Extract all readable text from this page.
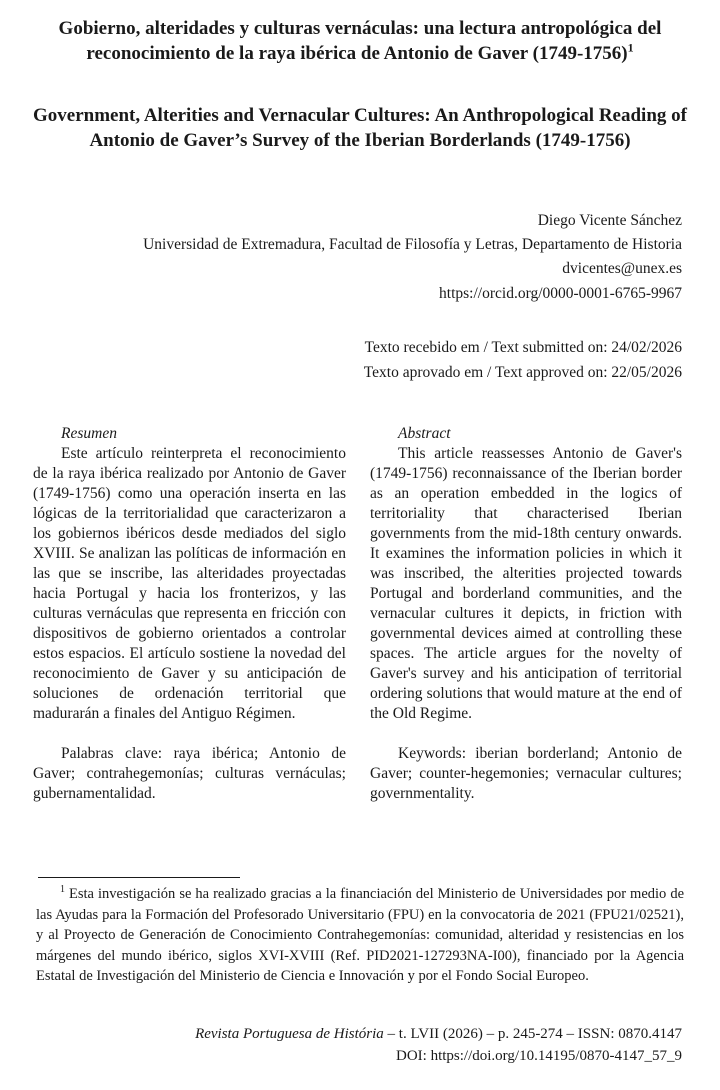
Gobierno, alteridades y culturas vernáculas: una lectura antropológica del reconocimiento de la raya ibérica de Antonio de Gaver (1749-1756)$^1$
Government, Alterities and Vernacular Cultures: An Anthropological Reading of Antonio de Gaver’s Survey of the Iberian Borderlands (1749-1756)
Diego Vicente Sánchez
Universidad de Extremadura, Facultad de Filosofía y Letras, Departamento de Historia
dvicentes@unex.es
https://orcid.org/0000-0001-6765-9967
Texto recebido em / Text submitted on: 24/02/2026
Texto aprovado em / Text approved on: 22/05/2026
Resumen

Este artículo reinterpreta el reconocimiento de la raya ibérica realizado por Antonio de Gaver (1749-1756) como una operación inserta en las lógicas de la territorialidad que caracterizaron a los gobiernos ibéricos desde mediados del siglo XVIII. Se analizan las políticas de información en las que se inscribe, las alteridades proyectadas hacia Portugal y hacia los fronterizos, y las culturas vernáculas que representa en fricción con dispositivos de gobierno orientados a controlar estos espacios. El artículo sostiene la novedad del reconocimiento de Gaver y su anticipación de soluciones de ordenación territorial que madurarán a finales del Antiguo Régimen.

Palabras clave: raya ibérica; Antonio de Gaver; contrahegemonías; culturas vernáculas; gubernamentalidad.

Abstract

This article reassesses Antonio de Gaver's (1749-1756) reconnaissance of the Iberian border as an operation embedded in the logics of territoriality that characterised Iberian governments from the mid-18th century onwards. It examines the information policies in which it was inscribed, the alterities projected towards Portugal and borderland communities, and the vernacular cultures it depicts, in friction with governmental devices aimed at controlling these spaces. The article argues for the novelty of Gaver's survey and his anticipation of territorial ordering solutions that would mature at the end of the Old Regime.

Keywords: iberian borderland; Antonio de Gaver; counter-hegemonies; vernacular cultures; governmentality.

$^1$ Esta investigación se ha realizado gracias a la financiación del Ministerio de Universidades por medio de las Ayudas para la Formación del Profesorado Universitario (FPU) en la convocatoria de 2021 (FPU21/02521), y al Proyecto de Generación de Conocimiento Contrahegemonías: comunidad, alteridad y resistencias en los márgenes del mundo ibérico, siglos XVI-XVIII (Ref. PID2021-127293NA-I00), financiado por la Agencia Estatal de Investigación del Ministerio de Ciencia e Innovación y por el Fondo Social Europeo.
Revista Portuguesa de História – t. LVII (2026) – p. 245-274 – ISSN: 0870.4147
DOI: https://doi.org/10.14195/0870-4147_57_9
